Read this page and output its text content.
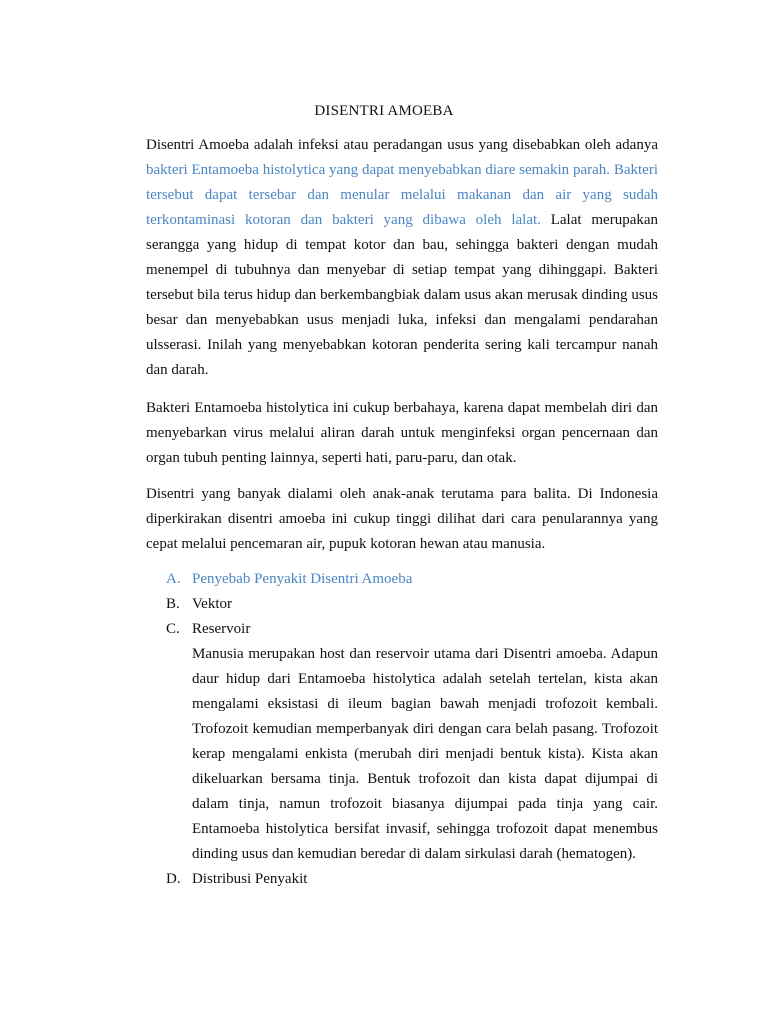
DISENTRI AMOEBA

Disentri Amoeba adalah infeksi atau peradangan usus yang disebabkan oleh adanya bakteri Entamoeba histolytica yang dapat menyebabkan diare semakin parah. Bakteri tersebut dapat tersebar dan menular melalui makanan dan air yang sudah terkontaminasi kotoran dan bakteri yang dibawa oleh lalat. Lalat merupakan serangga yang hidup di tempat kotor dan bau, sehingga bakteri dengan mudah menempel di tubuhnya dan menyebar di setiap tempat yang dihinggapi. Bakteri tersebut bila terus hidup dan berkembangbiak dalam usus akan merusak dinding usus besar dan menyebabkan usus menjadi luka, infeksi dan mengalami pendarahan ulsserasi. Inilah yang menyebabkan kotoran penderita sering kali tercampur nanah dan darah.

Bakteri Entamoeba histolytica ini cukup berbahaya, karena dapat membelah diri dan menyebarkan virus melalui aliran darah untuk menginfeksi organ pencernaan dan organ tubuh penting lainnya, seperti hati, paru-paru, dan otak.

Disentri yang banyak dialami oleh anak-anak terutama para balita. Di Indonesia diperkirakan disentri amoeba ini cukup tinggi dilihat dari cara penularannya yang cepat melalui pencemaran air, pupuk kotoran hewan atau manusia.

A. Penyebab Penyakit Disentri Amoeba
B. Vektor
C. Reservoir

Manusia merupakan host dan reservoir utama dari Disentri amoeba. Adapun daur hidup dari Entamoeba histolytica adalah setelah tertelan, kista akan mengalami eksistasi di ileum bagian bawah menjadi trofozoit kembali. Trofozoit kemudian memperbanyak diri dengan cara belah pasang. Trofozoit kerap mengalami enkista (merubah diri menjadi bentuk kista). Kista akan dikeluarkan bersama tinja. Bentuk trofozoit dan kista dapat dijumpai di dalam tinja, namun trofozoit biasanya dijumpai pada tinja yang cair. Entamoeba histolytica bersifat invasif, sehingga trofozoit dapat menembus dinding usus dan kemudian beredar di dalam sirkulasi darah (hematogen).

D. Distribusi Penyakit
